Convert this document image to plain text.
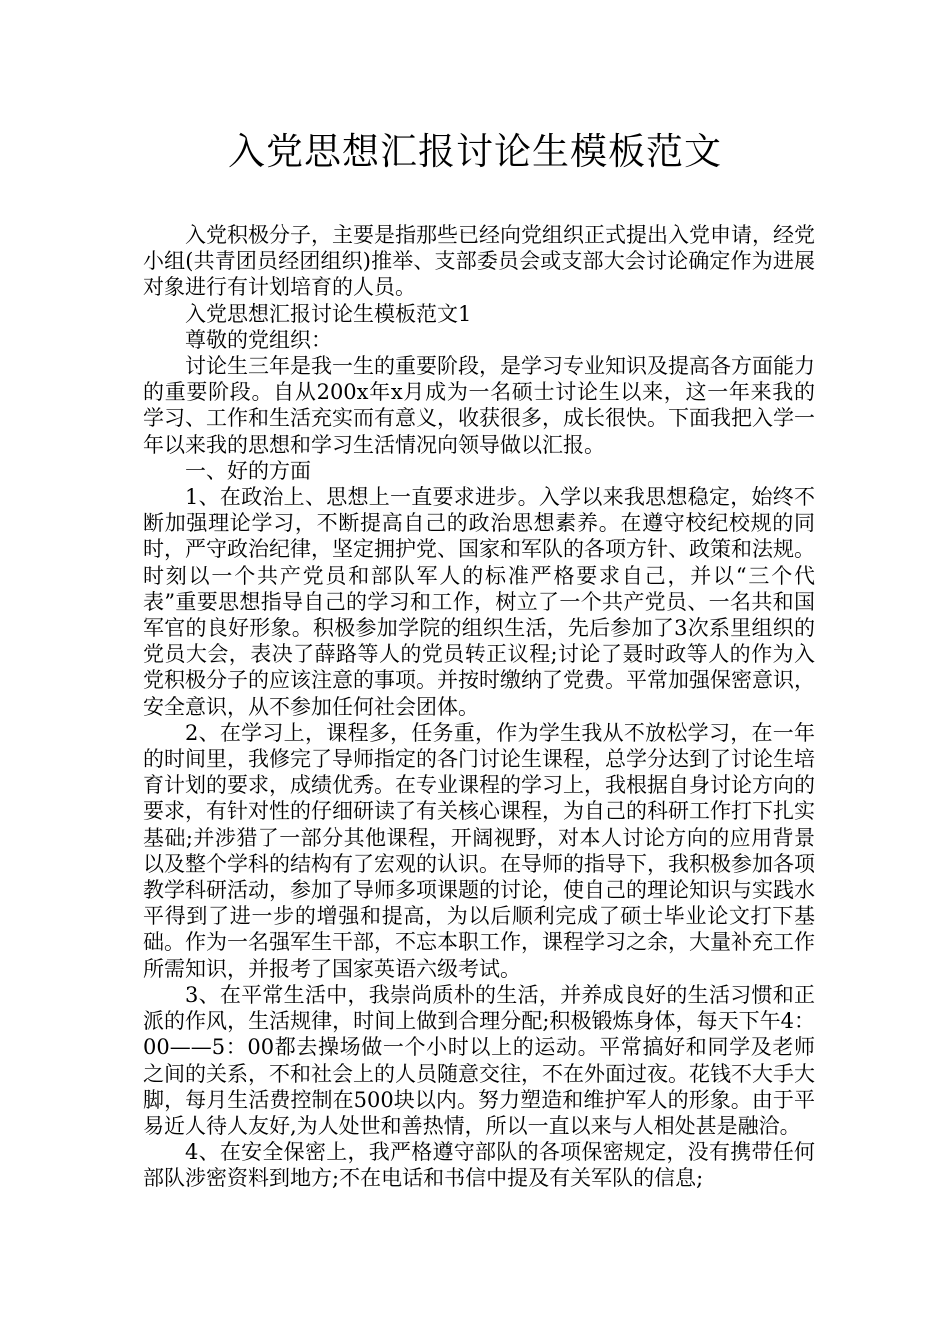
入党思想汇报讨论生模板范文

入党积极分子，主要是指那些已经向党组织正式提出入党申请，经党小组(共青团员经团组织)推举、支部委员会或支部大会讨论确定作为进展对象进行有计划培育的人员。

入党思想汇报讨论生模板范文1

尊敬的党组织：

讨论生三年是我一生的重要阶段，是学习专业知识及提高各方面能力的重要阶段。自从200x年x月成为一名硕士讨论生以来，这一年来我的学习、工作和生活充实而有意义，收获很多，成长很快。下面我把入学一年以来我的思想和学习生活情况向领导做以汇报。

一、好的方面

1、在政治上、思想上一直要求进步。入学以来我思想稳定，始终不断加强理论学习，不断提高自己的政治思想素养。在遵守校纪校规的同时，严守政治纪律，坚定拥护党、国家和军队的各项方针、政策和法规。时刻以一个共产党员和部队军人的标准严格要求自己，并以“三个代表”重要思想指导自己的学习和工作，树立了一个共产党员、一名共和国军官的良好形象。积极参加学院的组织生活，先后参加了3次系里组织的党员大会，表决了薛路等人的党员转正议程;讨论了聂时政等人的作为入党积极分子的应该注意的事项。并按时缴纳了党费。平常加强保密意识，安全意识，从不参加任何社会团体。

2、在学习上，课程多，任务重，作为学生我从不放松学习，在一年的时间里，我修完了导师指定的各门讨论生课程，总学分达到了讨论生培育计划的要求，成绩优秀。在专业课程的学习上，我根据自身讨论方向的要求，有针对性的仔细研读了有关核心课程，为自己的科研工作打下扎实基础;并涉猎了一部分其他课程，开阔视野，对本人讨论方向的应用背景以及整个学科的结构有了宏观的认识。在导师的指导下，我积极参加各项教学科研活动，参加了导师多项课题的讨论，使自己的理论知识与实践水平得到了进一步的增强和提高，为以后顺利完成了硕士毕业论文打下基础。作为一名强军生干部，不忘本职工作，课程学习之余，大量补充工作所需知识，并报考了国家英语六级考试。

3、在平常生活中，我崇尚质朴的生活，并养成良好的生活习惯和正派的作风，生活规律，时间上做到合理分配;积极锻炼身体，每天下午4：00——5：00都去操场做一个小时以上的运动。平常搞好和同学及老师之间的关系，不和社会上的人员随意交往，不在外面过夜。花钱不大手大脚，每月生活费控制在500块以内。努力塑造和维护军人的形象。由于平易近人待人友好,为人处世和善热情，所以一直以来与人相处甚是融洽。

4、在安全保密上，我严格遵守部队的各项保密规定，没有携带任何部队涉密资料到地方;不在电话和书信中提及有关军队的信息;
